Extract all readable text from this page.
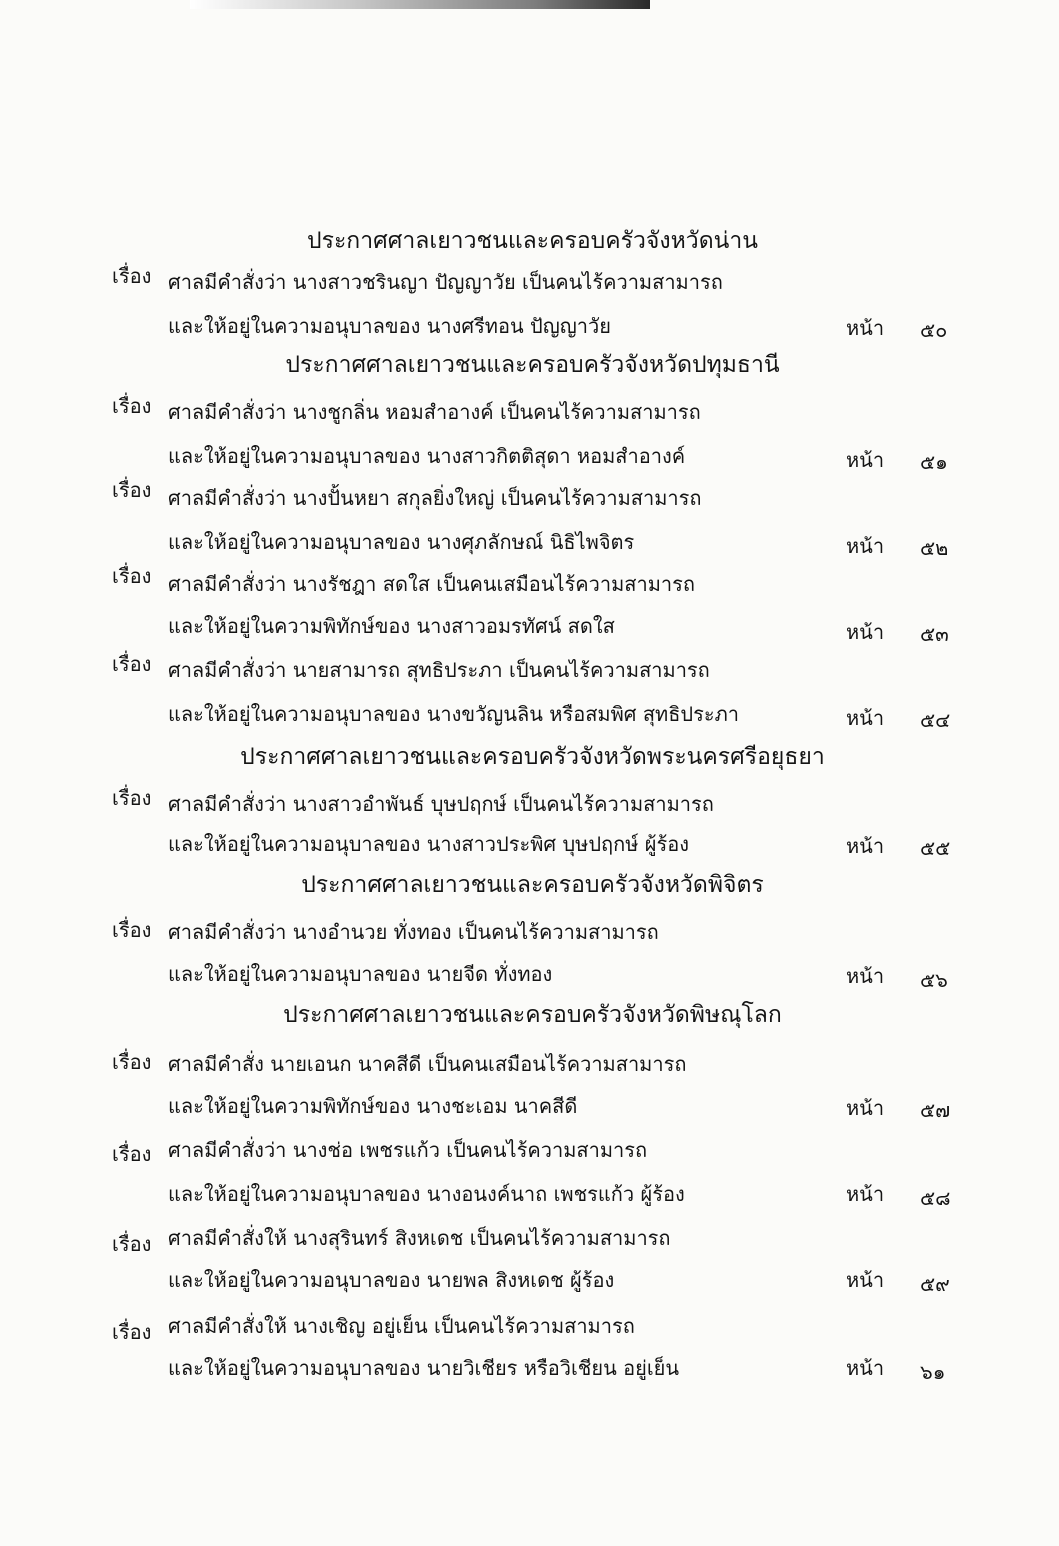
ประกาศศาลเยาวชนและครอบครัวจังหวัดน่าน
เรื่อง ศาลมีคำสั่งว่า นางสาวชรินญา ปัญญาวัย เป็นคนไร้ความสามารถ
และให้อยู่ในความอนุบาลของ นางศรีทอน ปัญญาวัย	หน้า ๕๐
ประกาศศาลเยาวชนและครอบครัวจังหวัดปทุมธานี
เรื่อง ศาลมีคำสั่งว่า นางชูกลิ่น หอมสำอางค์ เป็นคนไร้ความสามารถ
และให้อยู่ในความอนุบาลของ นางสาวกิตติสุดา หอมสำอางค์	หน้า ๕๑
เรื่อง ศาลมีคำสั่งว่า นางปั้นหยา สกุลยิ่งใหญ่ เป็นคนไร้ความสามารถ
และให้อยู่ในความอนุบาลของ นางศุภลักษณ์ นิธิไพจิตร	หน้า ๕๒
เรื่อง ศาลมีคำสั่งว่า นางรัชฎา สดใส เป็นคนเสมือนไร้ความสามารถ
และให้อยู่ในความพิทักษ์ของ นางสาวอมรทัศน์ สดใส	หน้า ๕๓
เรื่อง ศาลมีคำสั่งว่า นายสามารถ สุทธิประภา เป็นคนไร้ความสามารถ
และให้อยู่ในความอนุบาลของ นางขวัญนลิน หรือสมพิศ สุทธิประภา	หน้า ๕๔
ประกาศศาลเยาวชนและครอบครัวจังหวัดพระนครศรีอยุธยา
เรื่อง ศาลมีคำสั่งว่า นางสาวอำพันธ์ บุษปฤกษ์ เป็นคนไร้ความสามารถ
และให้อยู่ในความอนุบาลของ นางสาวประพิศ บุษปฤกษ์ ผู้ร้อง	หน้า ๕๕
ประกาศศาลเยาวชนและครอบครัวจังหวัดพิจิตร
เรื่อง ศาลมีคำสั่งว่า นางอำนวย ทั่งทอง เป็นคนไร้ความสามารถ
และให้อยู่ในความอนุบาลของ นายจีด ทั่งทอง	หน้า ๕๖
ประกาศศาลเยาวชนและครอบครัวจังหวัดพิษณุโลก
เรื่อง ศาลมีคำสั่ง นายเอนก นาคสีดี เป็นคนเสมือนไร้ความสามารถ
และให้อยู่ในความพิทักษ์ของ นางชะเอม นาคสีดี	หน้า ๕๗
เรื่อง ศาลมีคำสั่งว่า นางช่อ เพชรแก้ว เป็นคนไร้ความสามารถ
และให้อยู่ในความอนุบาลของ นางอนงค์นาถ เพชรแก้ว ผู้ร้อง	หน้า ๕๘
เรื่อง ศาลมีคำสั่งให้ นางสุรินทร์ สิงหเดช เป็นคนไร้ความสามารถ
และให้อยู่ในความอนุบาลของ นายพล สิงหเดช ผู้ร้อง	หน้า ๕๙
เรื่อง ศาลมีคำสั่งให้ นางเชิญ อยู่เย็น เป็นคนไร้ความสามารถ
และให้อยู่ในความอนุบาลของ นายวิเชียร หรือวิเชียน อยู่เย็น	หน้า ๖๑
